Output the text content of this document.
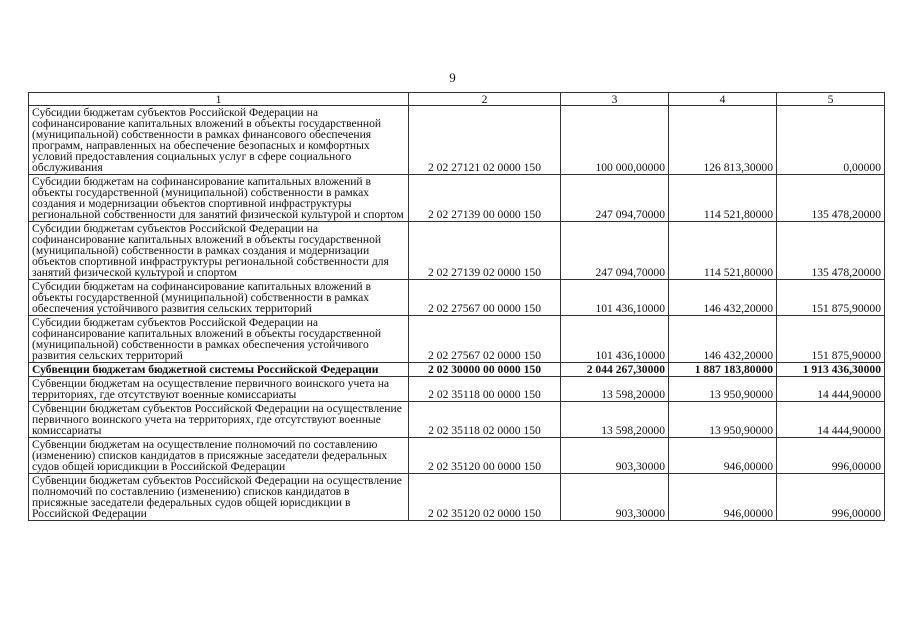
9
1	2	3	4	5
Субсидии бюджетам субъектов Российской Федерации на софинансирование капитальных вложений в объекты государственной (муниципальной) собственности в рамках финансового обеспечения программ, направленных на обеспечение безопасных и комфортных условий предоставления социальных услуг в сфере социального обслуживания	2 02 27121 02 0000 150	100 000,00000	126 813,30000	0,00000
Субсидии бюджетам на софинансирование капитальных вложений в объекты государственной (муниципальной) собственности в рамках создания и модернизации объектов спортивной инфраструктуры региональной собственности для занятий физической культурой и спортом	2 02 27139 00 0000 150	247 094,70000	114 521,80000	135 478,20000
Субсидии бюджетам субъектов Российской Федерации на софинансирование капитальных вложений в объекты государственной (муниципальной) собственности в рамках создания и модернизации объектов спортивной инфраструктуры региональной собственности для занятий физической культурой и спортом	2 02 27139 02 0000 150	247 094,70000	114 521,80000	135 478,20000
Субсидии бюджетам на софинансирование капитальных вложений в объекты государственной (муниципальной) собственности в рамках обеспечения устойчивого развития сельских территорий	2 02 27567 00 0000 150	101 436,10000	146 432,20000	151 875,90000
Субсидии бюджетам субъектов Российской Федерации на софинансирование капитальных вложений в объекты государственной (муниципальной) собственности в рамках обеспечения устойчивого развития сельских территорий	2 02 27567 02 0000 150	101 436,10000	146 432,20000	151 875,90000
Субвенции бюджетам бюджетной системы Российской Федерации	2 02 30000 00 0000 150	2 044 267,30000	1 887 183,80000	1 913 436,30000
Субвенции бюджетам на осуществление первичного воинского учета на территориях, где отсутствуют военные комиссариаты	2 02 35118 00 0000 150	13 598,20000	13 950,90000	14 444,90000
Субвенции бюджетам субъектов Российской Федерации на осуществление первичного воинского учета на территориях, где отсутствуют военные комиссариаты	2 02 35118 02 0000 150	13 598,20000	13 950,90000	14 444,90000
Субвенции бюджетам на осуществление полномочий по составлению (изменению) списков кандидатов в присяжные заседатели федеральных судов общей юрисдикции в Российской Федерации	2 02 35120 00 0000 150	903,30000	946,00000	996,00000
Субвенции бюджетам субъектов Российской Федерации на осуществление полномочий по составлению (изменению) списков кандидатов в присяжные заседатели федеральных судов общей юрисдикции в Российской Федерации	2 02 35120 02 0000 150	903,30000	946,00000	996,00000
